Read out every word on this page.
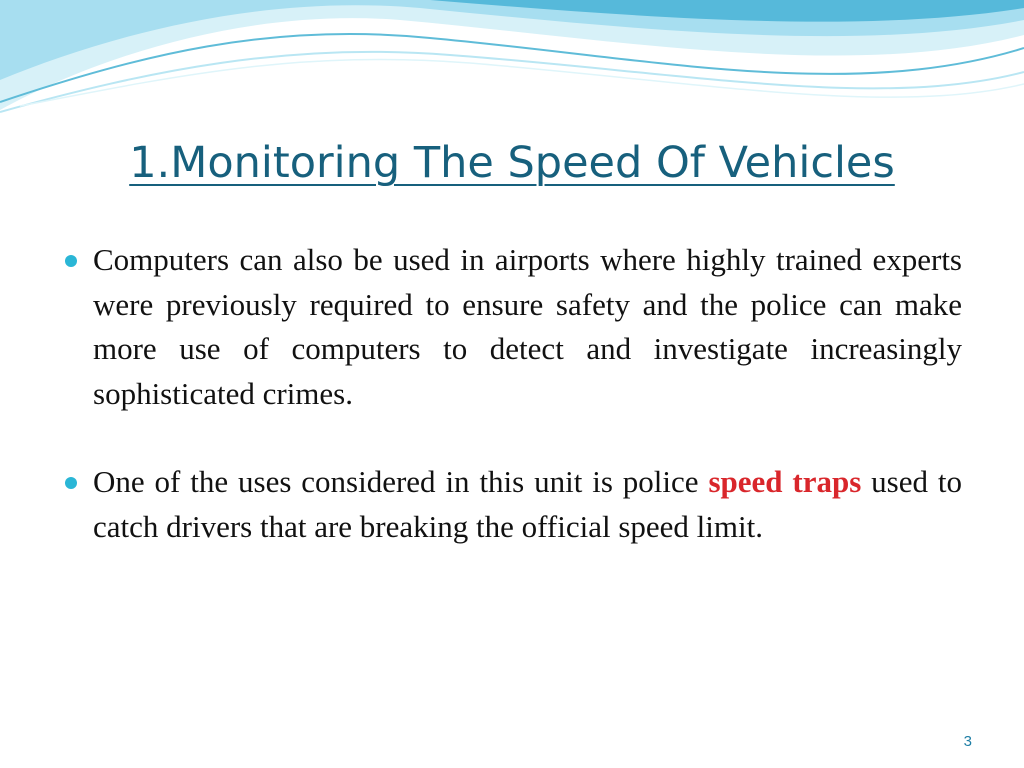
1.Monitoring The Speed Of Vehicles
Computers can also be used in airports where highly trained experts were previously required to ensure safety and the police can make more use of computers to detect and investigate increasingly sophisticated crimes.
One of the uses considered in this unit is police speed traps used to catch drivers that are breaking the official speed limit.
3
